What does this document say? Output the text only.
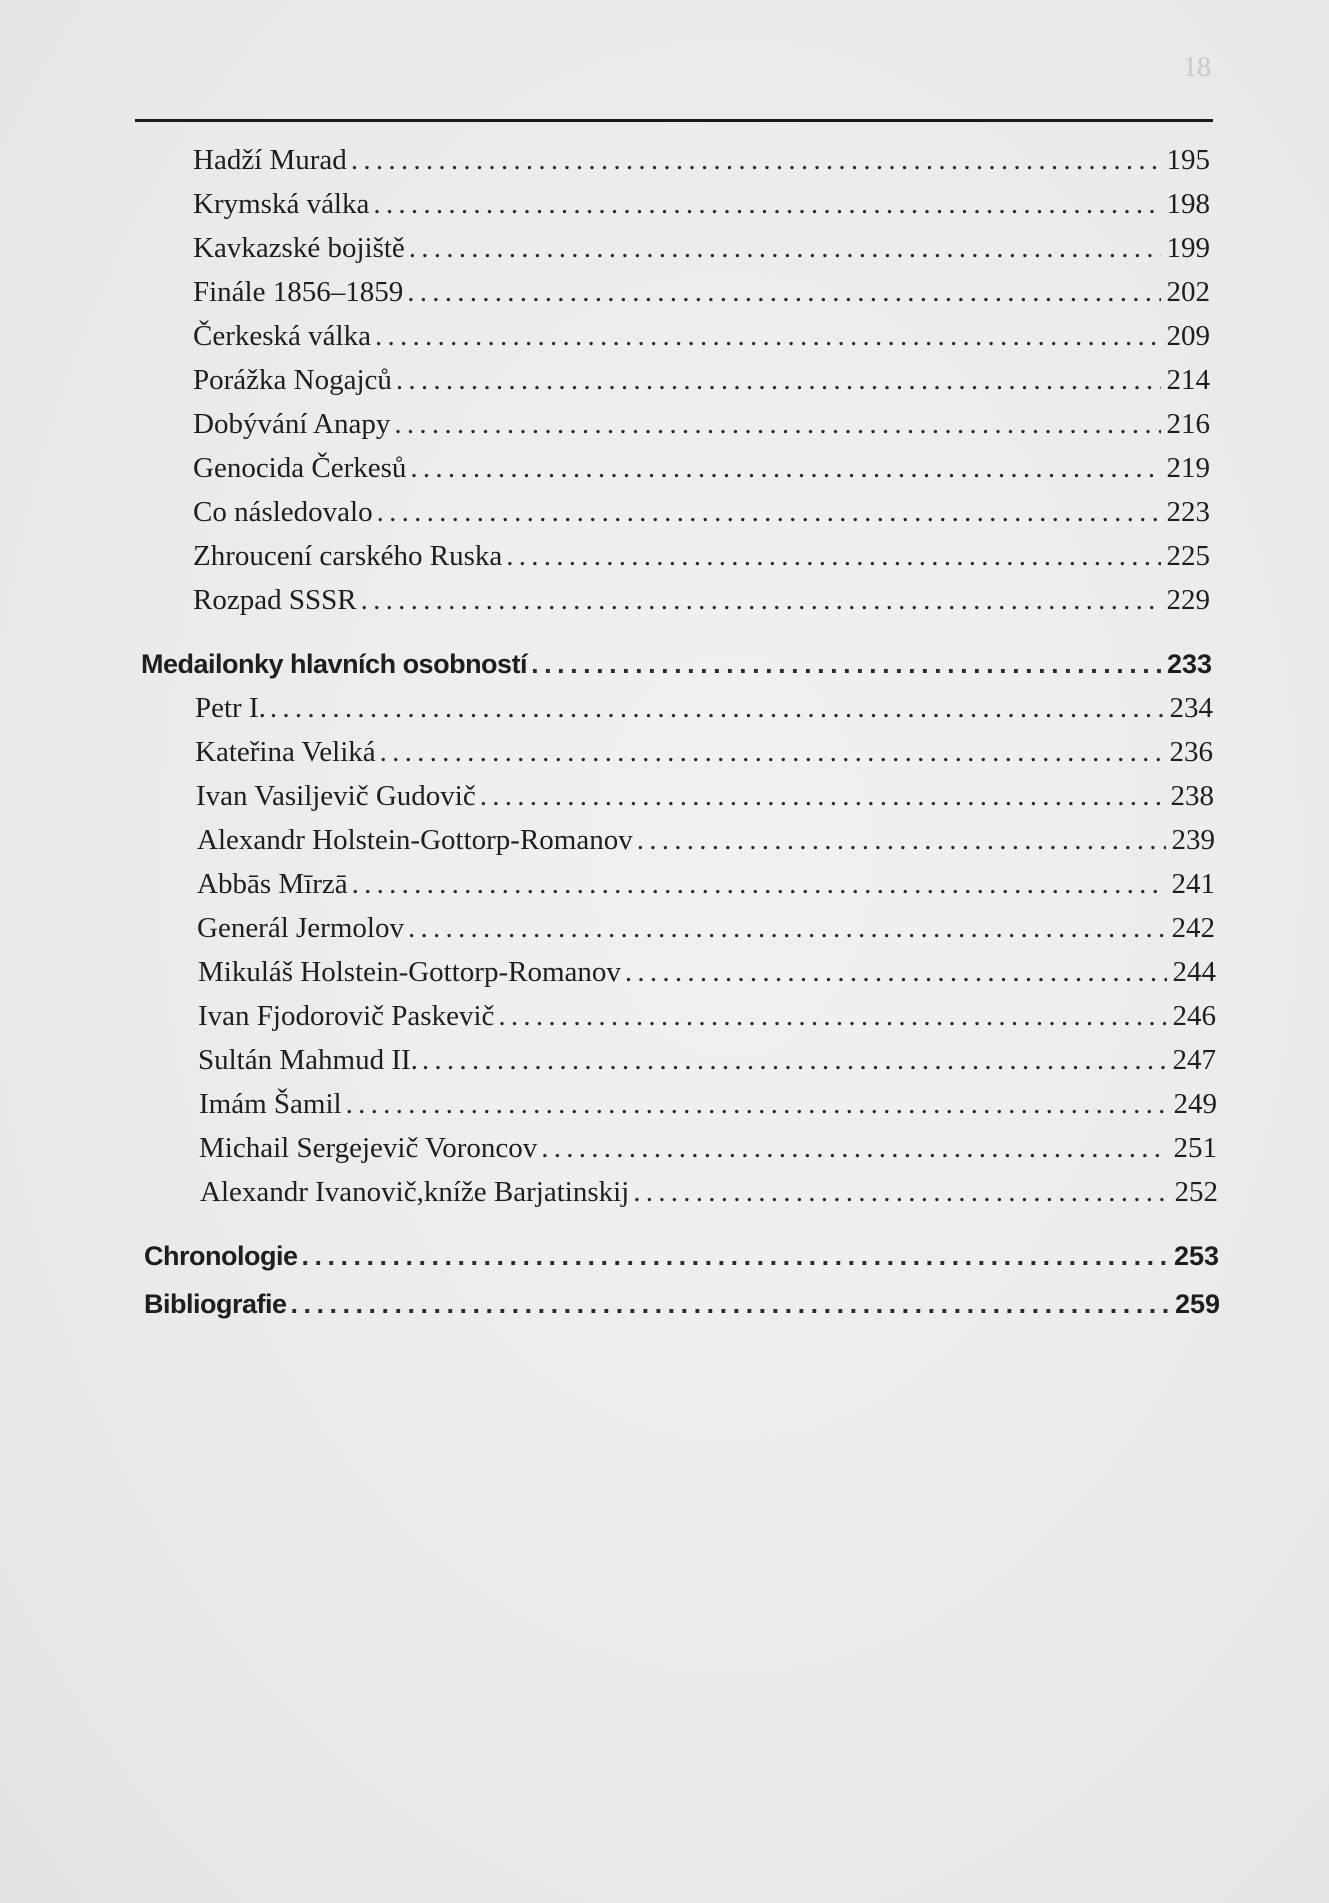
18
Hadží Murad . . .	195
Krymská válka . . .	198
Kavkazské bojiště . . .	199
Finále 1856–1859 . . .	202
Čerkeská válka . . .	209
Porážka Nogajců . . .	214
Dobývání Anapy . . .	216
Genocida Čerkesů . . .	219
Co následovalo . . .	223
Zhroucení carského Ruska . . .	225
Rozpad SSSR . . .	229
Medailonky hlavních osobností . . .	233
Petr I. . . .	234
Kateřina Veliká . . .	236
Ivan Vasiljevič Gudovič . . .	238
Alexandr Holstein-Gottorp-Romanov . . .	239
Abbās Mīrzā . . .	241
Generál Jermolov . . .	242
Mikuláš Holstein-Gottorp-Romanov . . .	244
Ivan Fjodorovič Paskevič . . .	246
Sultán Mahmud II. . . .	247
Imám Šamil . . .	249
Michail Sergejevič Voroncov . . .	251
Alexandr Ivanovič,kníže Barjatinskij . . .	252
Chronologie . . .	253
Bibliografie . . .	259
